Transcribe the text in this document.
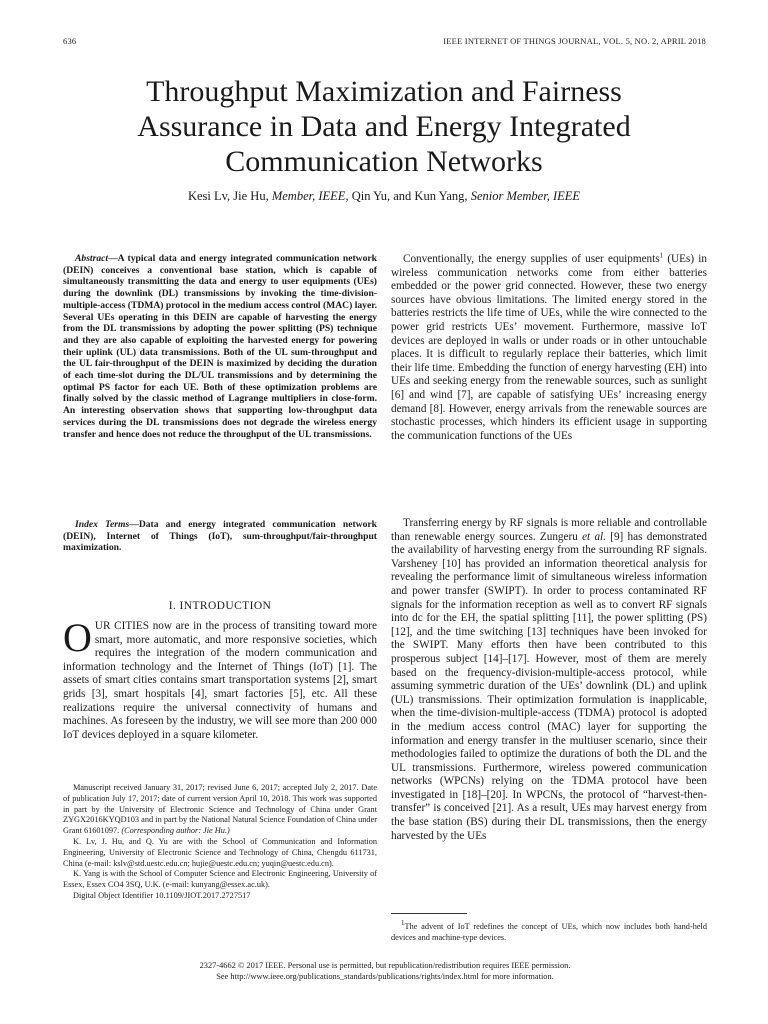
636	IEEE INTERNET OF THINGS JOURNAL, VOL. 5, NO. 2, APRIL 2018
Throughput Maximization and Fairness
Assurance in Data and Energy Integrated
Communication Networks

Kesi Lv, Jie Hu, Member, IEEE, Qin Yu, and Kun Yang, Senior Member, IEEE

Abstract—A typical data and energy integrated communication network (DEIN) conceives a conventional base station, which is capable of simultaneously transmitting the data and energy to user equipments (UEs) during the downlink (DL) transmissions by invoking the time-division-multiple-access (TDMA) protocol in the medium access control (MAC) layer. Several UEs operating in this DEIN are capable of harvesting the energy from the DL transmissions by adopting the power splitting (PS) technique and they are also capable of exploiting the harvested energy for powering their uplink (UL) data transmissions. Both of the UL sum-throughput and the UL fair-throughput of the DEIN is maximized by deciding the duration of each time-slot during the DL/UL transmissions and by determining the optimal PS factor for each UE. Both of these optimization problems are finally solved by the classic method of Lagrange multipliers in close-form. An interesting observation shows that supporting low-throughput data services during the DL transmissions does not degrade the wireless energy transfer and hence does not reduce the throughput of the UL transmissions.

Index Terms—Data and energy integrated communication network (DEIN), Internet of Things (IoT), sum-throughput/fair-throughput maximization.

I. INTRODUCTION

OUR CITIES now are in the process of transiting toward more smart, more automatic, and more responsive societies, which requires the integration of the modern communication and information technology and the Internet of Things (IoT) [1]. The assets of smart cities contains smart transportation systems [2], smart grids [3], smart hospitals [4], smart factories [5], etc. All these realizations require the universal connectivity of humans and machines. As foreseen by the industry, we will see more than 200 000 IoT devices deployed in a square kilometer.

Manuscript received January 31, 2017; revised June 6, 2017; accepted July 2, 2017. Date of publication July 17, 2017; date of current version April 10, 2018. This work was supported in part by the University of Electronic Science and Technology of China under Grant ZYGX2016KYQD103 and in part by the National Natural Science Foundation of China under Grant 61601097. (Corresponding author: Jie Hu.)

K. Lv, J. Hu, and Q. Yu are with the School of Communication and Information Engineering, University of Electronic Science and Technology of China, Chengdu 611731, China (e-mail: kslv@std.uestc.edu.cn; hujie@uestc.edu.cn; yuqin@uestc.edu.cn).

K. Yang is with the School of Computer Science and Electronic Engineering, University of Essex, Essex CO4 3SQ, U.K. (e-mail: kunyang@essex.ac.uk).

Digital Object Identifier 10.1109/JIOT.2017.2727517

Conventionally, the energy supplies of user equipments$^1$ (UEs) in wireless communication networks come from either batteries embedded or the power grid connected. However, these two energy sources have obvious limitations. The limited energy stored in the batteries restricts the life time of UEs, while the wire connected to the power grid restricts UEs’ movement. Furthermore, massive IoT devices are deployed in walls or under roads or in other untouchable places. It is difficult to regularly replace their batteries, which limit their life time. Embedding the function of energy harvesting (EH) into UEs and seeking energy from the renewable sources, such as sunlight [6] and wind [7], are capable of satisfying UEs’ increasing energy demand [8]. However, energy arrivals from the renewable sources are stochastic processes, which hinders its efficient usage in supporting the communication functions of the UEs

Transferring energy by RF signals is more reliable and controllable than renewable energy sources. Zungeru et al. [9] has demonstrated the availability of harvesting energy from the surrounding RF signals. Varsheney [10] has provided an information theoretical analysis for revealing the performance limit of simultaneous wireless information and power transfer (SWIPT). In order to process contaminated RF signals for the information reception as well as to convert RF signals into dc for the EH, the spatial splitting [11], the power splitting (PS) [12], and the time switching [13] techniques have been invoked for the SWIPT. Many efforts then have been contributed to this prosperous subject [14]–[17]. However, most of them are merely based on the frequency-division-multiple-access protocol, while assuming symmetric duration of the UEs’ downlink (DL) and uplink (UL) transmissions. Their optimization formulation is inapplicable, when the time-division-multiple-access (TDMA) protocol is adopted in the medium access control (MAC) layer for supporting the information and energy transfer in the multiuser scenario, since their methodologies failed to optimize the durations of both the DL and the UL transmissions. Furthermore, wireless powered communication networks (WPCNs) relying on the TDMA protocol have been investigated in [18]–[20]. In WPCNs, the protocol of “harvest-then-transfer” is conceived [21]. As a result, UEs may harvest energy from the base station (BS) during their DL transmissions, then the energy harvested by the UEs

$^1$The advent of IoT redefines the concept of UEs, which now includes both hand-held devices and machine-type devices.

2327-4662 © 2017 IEEE. Personal use is permitted, but republication/redistribution requires IEEE permission.
See http://www.ieee.org/publications_standards/publications/rights/index.html for more information.
